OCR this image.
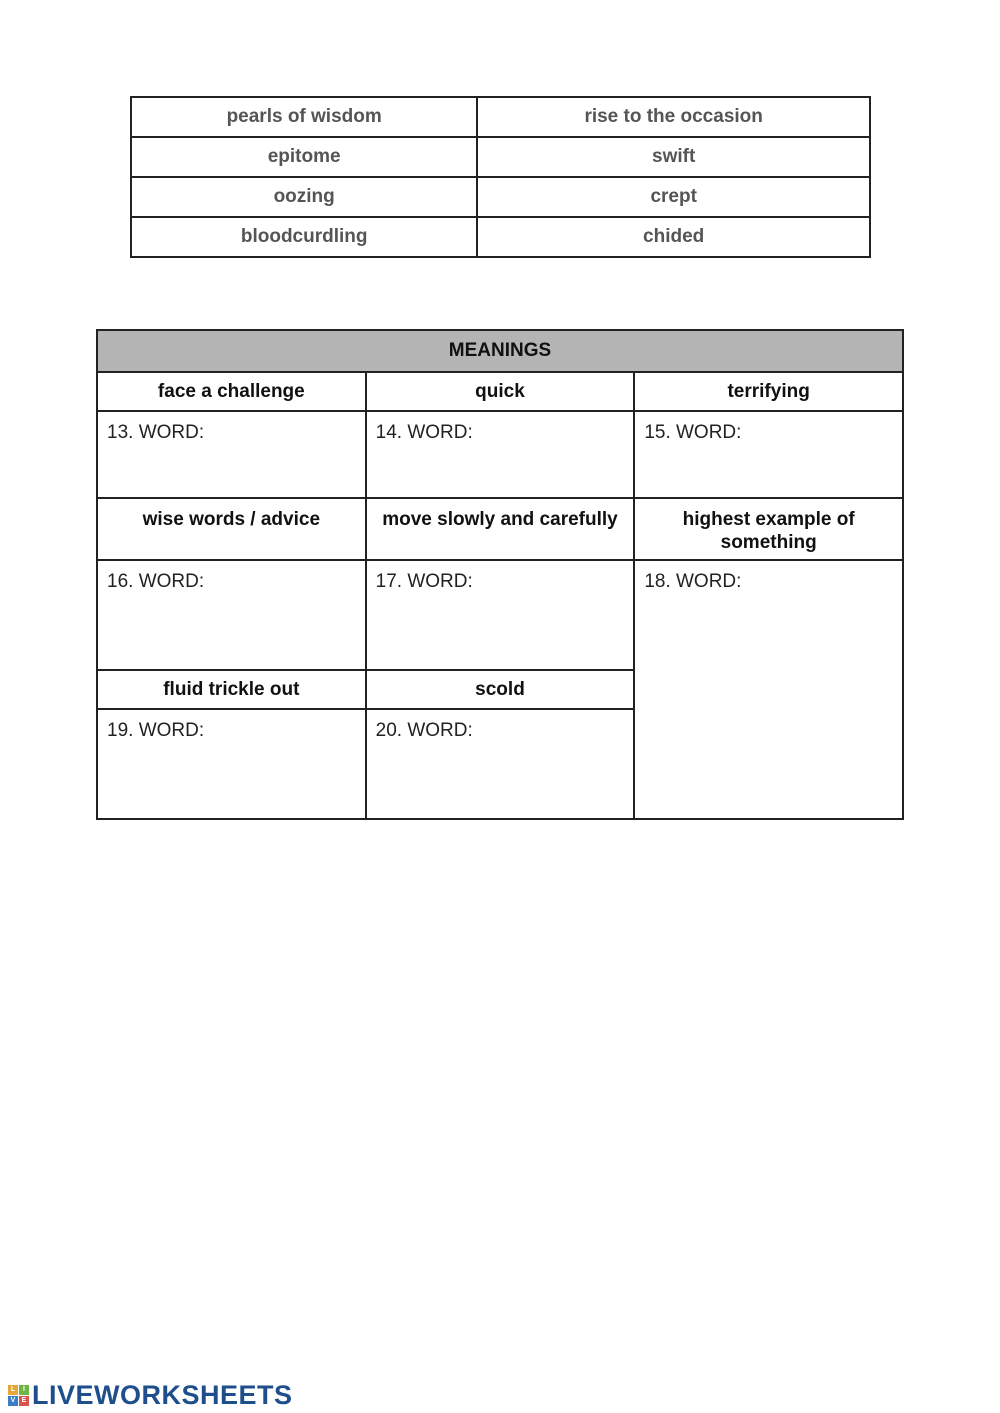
pearls of wisdom	rise to the occasion
epitome	swift
oozing	crept
bloodcurdling	chided
MEANINGS		
face a challenge	quick	terrifying
13. WORD:	14. WORD:	15. WORD:
wise words / advice	move slowly and carefully	highest example of something
16. WORD:	17. WORD:	18. WORD:
fluid trickle out	scold	
19. WORD:	20. WORD:	
L	I
V E LIVEWORKSHEETS
